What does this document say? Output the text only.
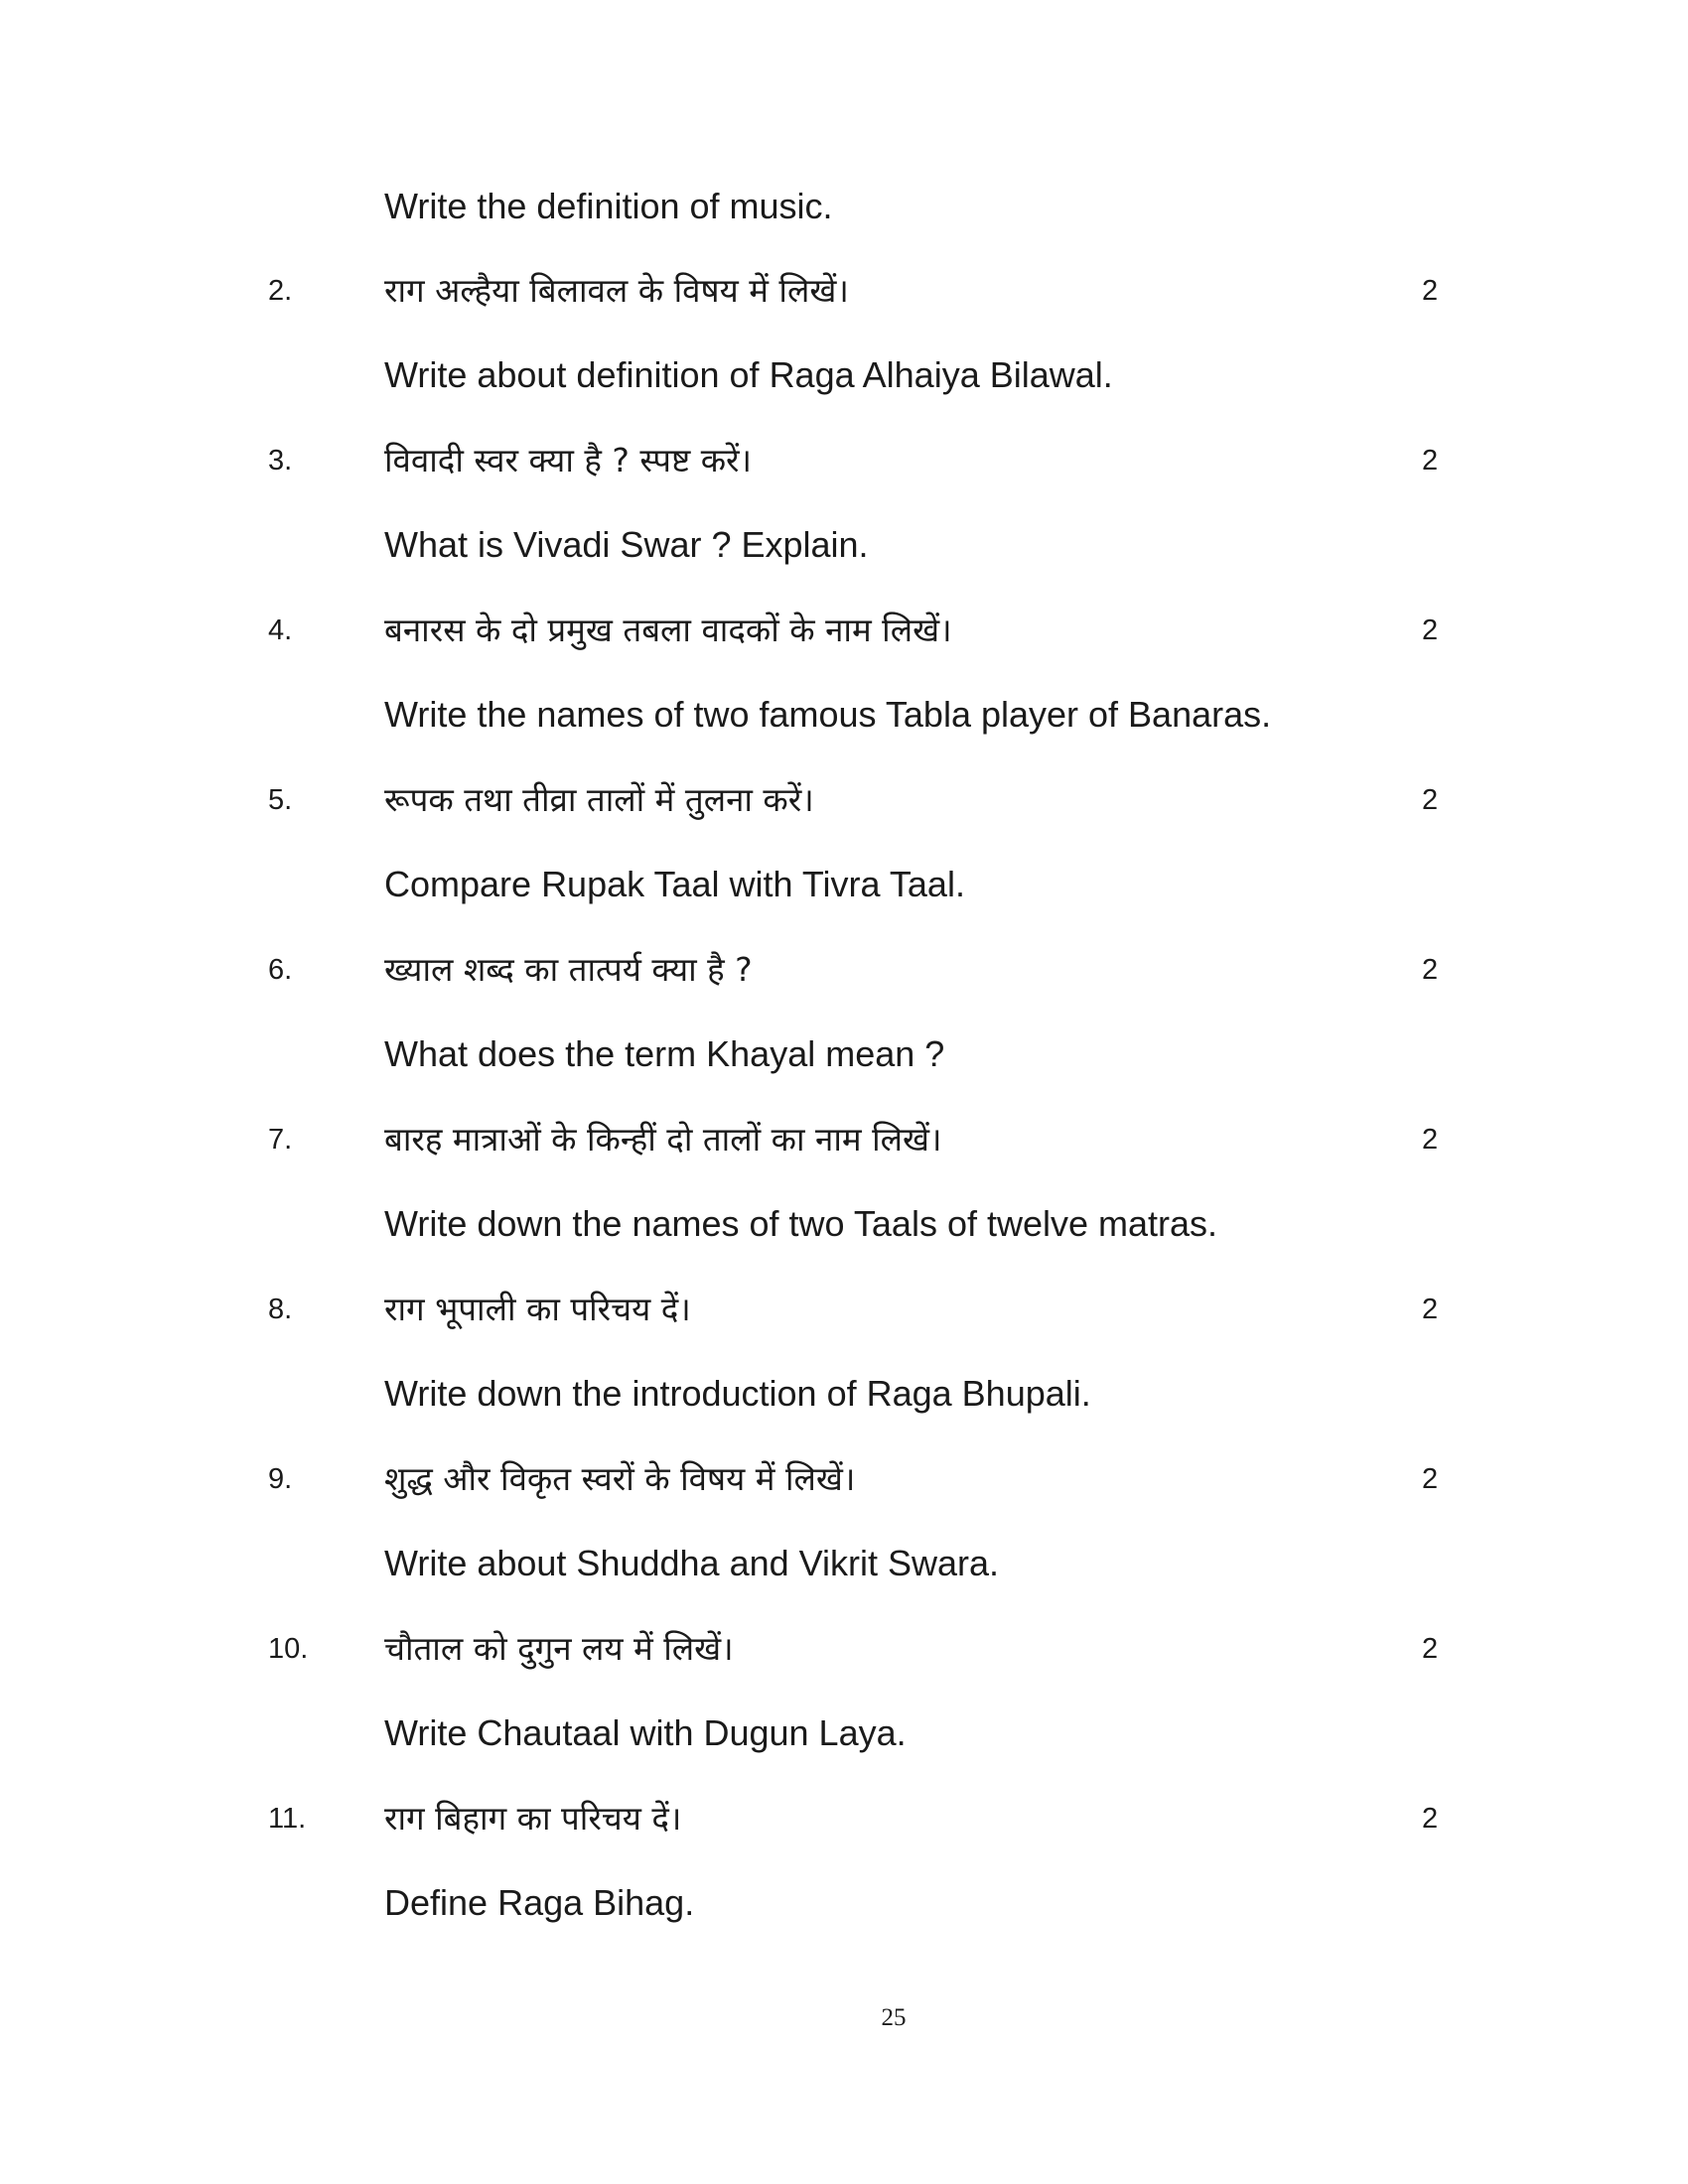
Write the definition of music.
2.	राग अल्हैया बिलावल के विषय में लिखें।	2
Write about definition of Raga Alhaiya Bilawal.
3.	विवादी स्वर क्या है ? स्पष्ट करें।	2
What is Vivadi Swar ? Explain.
4.	बनारस के दो प्रमुख तबला वादकों के नाम लिखें।	2
Write the names of two famous Tabla player of Banaras.
5.	रूपक तथा तीव्रा तालों में तुलना करें।	2
Compare Rupak Taal with Tivra Taal.
6.	ख्याल शब्द का तात्पर्य क्या है ?	2
What does the term Khayal mean ?
7.	बारह मात्राओं के किन्हीं दो तालों का नाम लिखें।	2
Write down the names of two Taals of twelve matras.
8.	राग भूपाली का परिचय दें।	2
Write down the introduction of Raga Bhupali.
9.	शुद्ध और विकृत स्वरों के विषय में लिखें।	2
Write about Shuddha and Vikrit Swara.
10. चौताल को दुगुन लय में लिखें।	2
Write Chautaal with Dugun Laya.
11. राग बिहाग का परिचय दें।	2
Define Raga Bihag.
25
